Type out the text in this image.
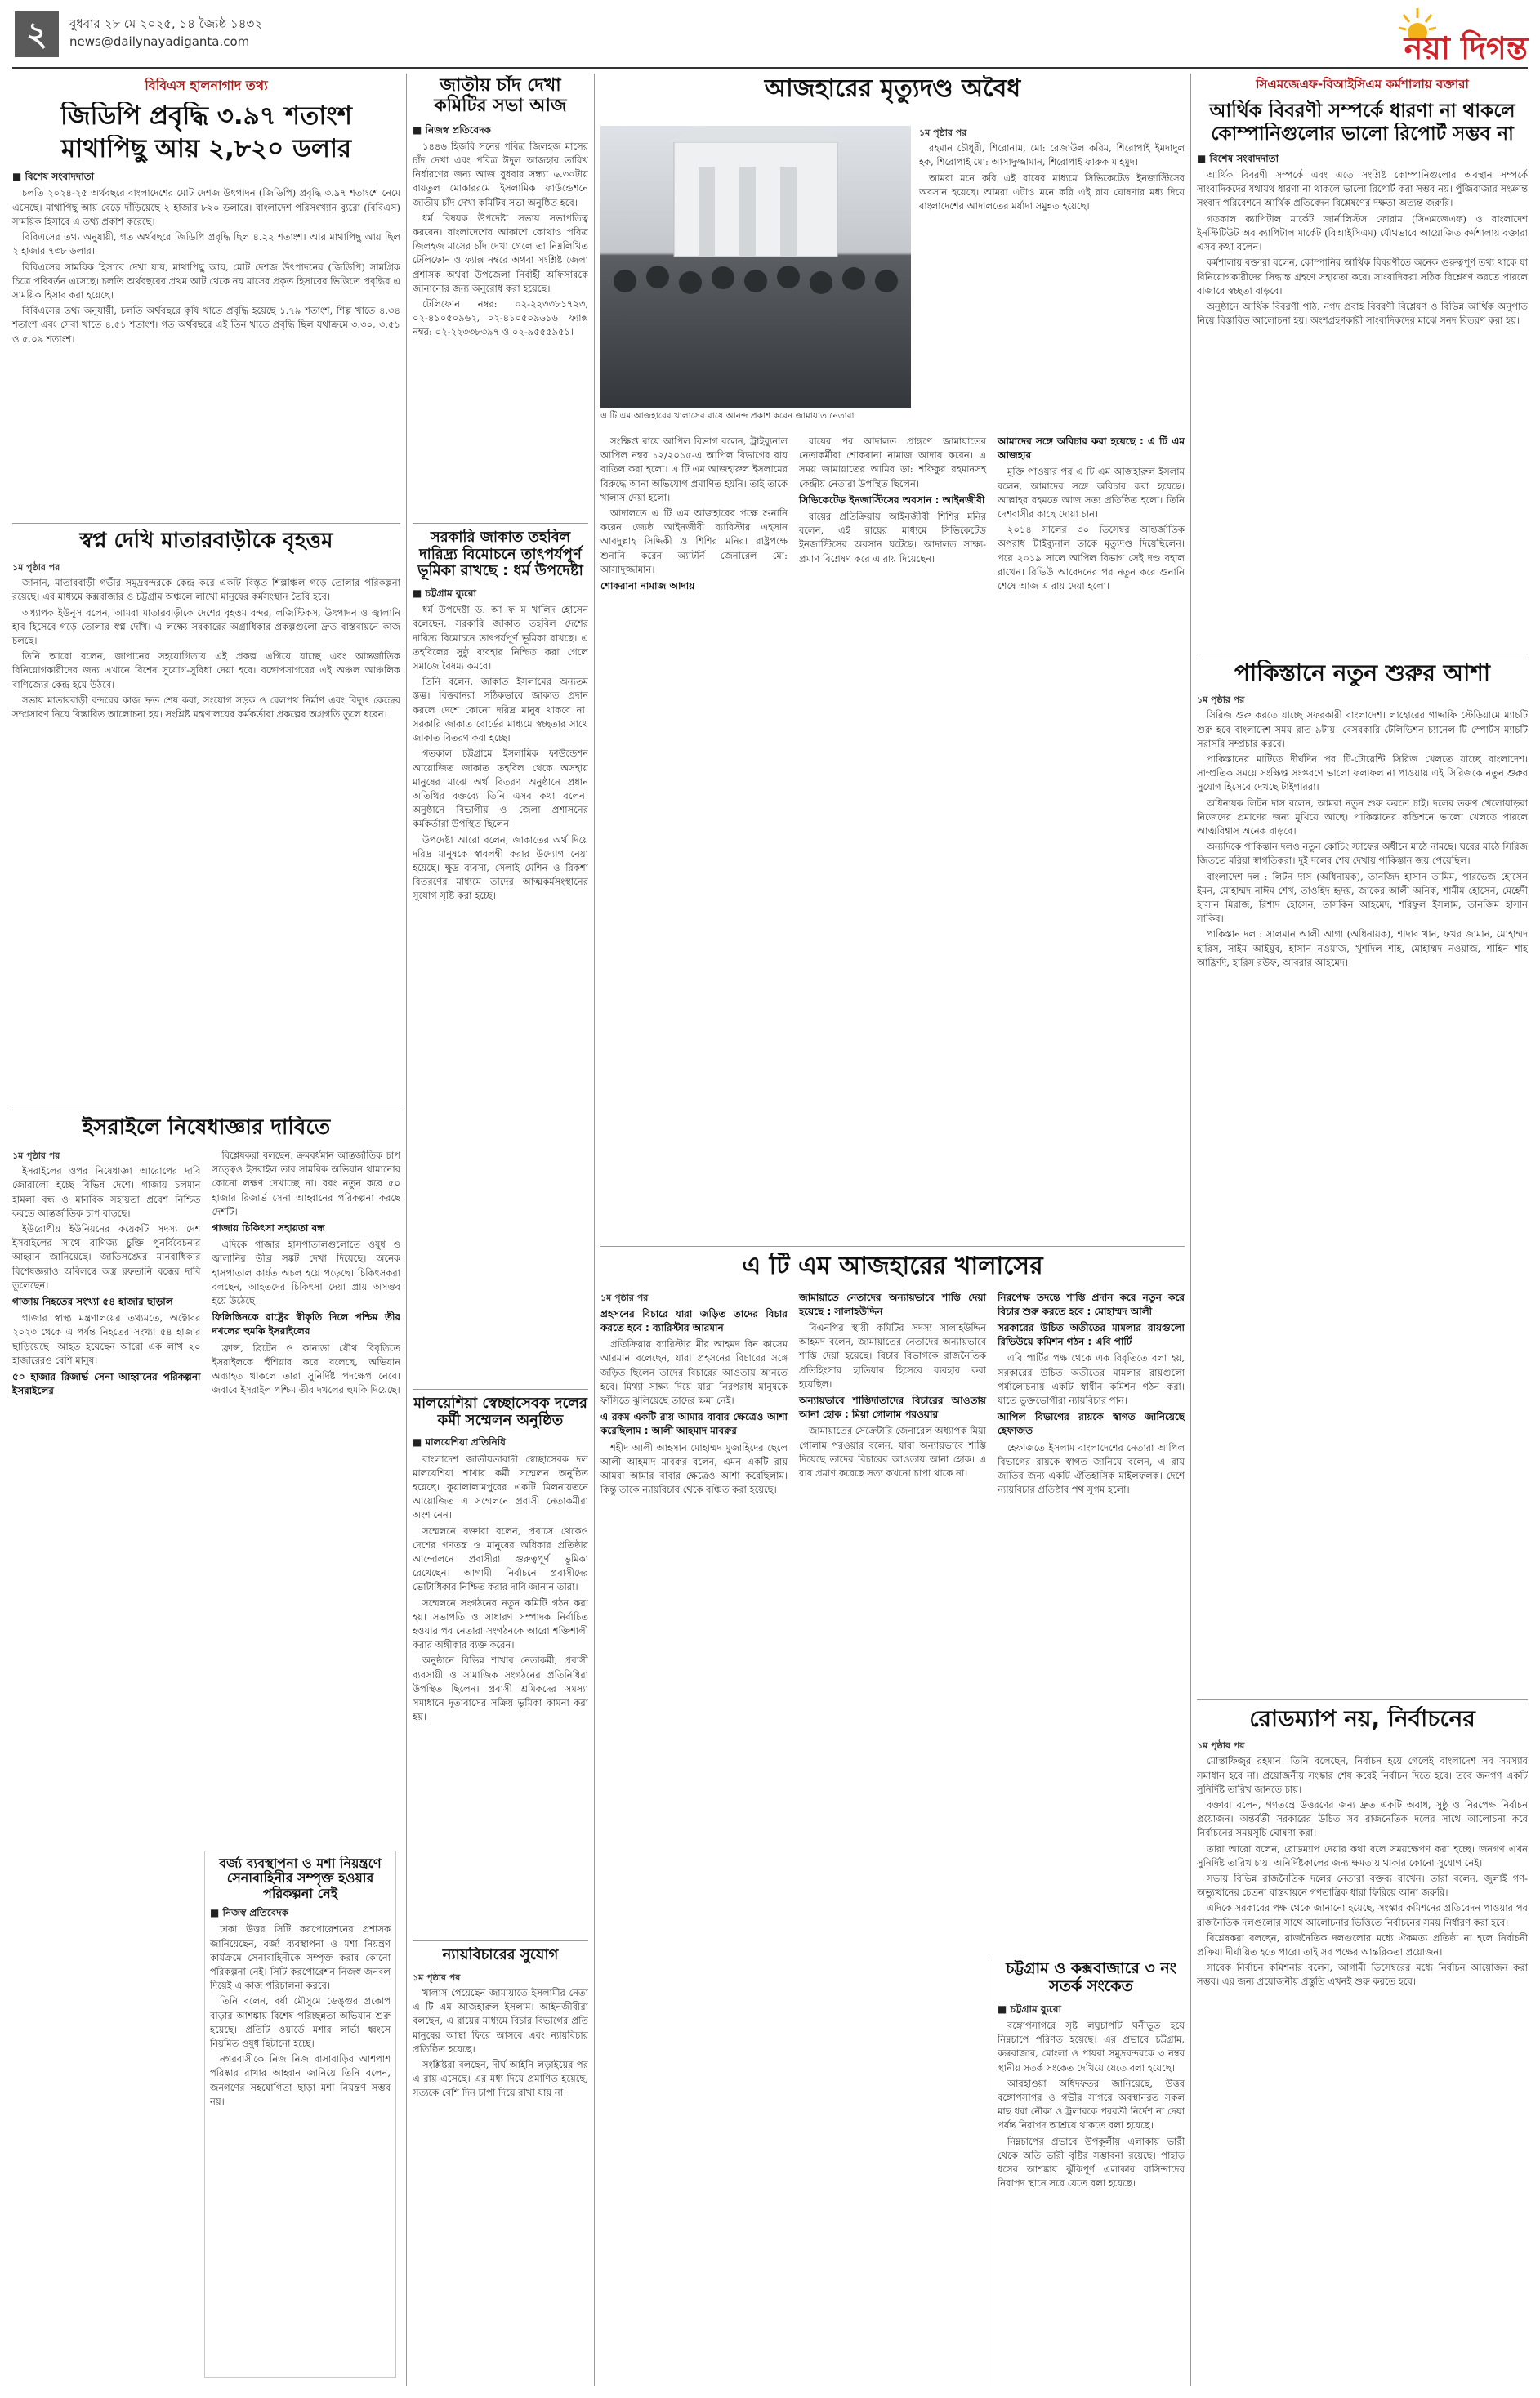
২	বুধবার ২৮ মে ২০২৫, ১৪ জ্যৈষ্ঠ ১৪৩২
news@dailynayadiganta.com	নয়া দিগন্ত
বিবিএস হালনাগাদ তথ্য
জিডিপি প্রবৃদ্ধি ৩.৯৭ শতাংশ
মাথাপিছু আয় ২,৮২০ ডলার
■ বিশেষ সংবাদদাতা

চলতি ২০২৪-২৫ অর্থবছরে বাংলাদেশের মোট দেশজ উৎপাদন (জিডিপি) প্রবৃদ্ধি ৩.৯৭ শতাংশে নেমে এসেছে। মাথাপিছু আয় বেড়ে দাঁড়িয়েছে ২ হাজার ৮২০ ডলারে। বাংলাদেশ পরিসংখ্যান ব্যুরো (বিবিএস) সাময়িক হিসাবে এ তথ্য প্রকাশ করেছে।

বিবিএসের তথ্য অনুযায়ী, গত অর্থবছরে জিডিপি প্রবৃদ্ধি ছিল ৪.২২ শতাংশ। আর মাথাপিছু আয় ছিল ২ হাজার ৭৩৮ ডলার।

বিবিএসের সাময়িক হিসাবে দেখা যায়, মাথাপিছু আয়, মোট দেশজ উৎপাদনের (জিডিপি) সামগ্রিক চিত্রে পরিবর্তন এসেছে। চলতি অর্থবছরের প্রথম আট থেকে নয় মাসের প্রকৃত হিসাবের ভিত্তিতে প্রবৃদ্ধির এ সাময়িক হিসাব করা হয়েছে।

বিবিএসের তথ্য অনুযায়ী, চলতি অর্থবছরে কৃষি খাতে প্রবৃদ্ধি হয়েছে ১.৭৯ শতাংশ, শিল্প খাতে ৪.৩৪ শতাংশ এবং সেবা খাতে ৪.৫১ শতাংশ। গত অর্থবছরে এই তিন খাতে প্রবৃদ্ধি ছিল যথাক্রমে ৩.৩০, ৩.৫১ ও ৫.০৯ শতাংশ।

স্বপ্ন দেখি মাতারবাড়ীকে বৃহত্তম
১ম পৃষ্ঠার পর

জানান, মাতারবাড়ী গভীর সমুদ্রবন্দরকে কেন্দ্র করে একটি বিস্তৃত শিল্পাঞ্চল গড়ে তোলার পরিকল্পনা রয়েছে। এর মাধ্যমে কক্সবাজার ও চট্টগ্রাম অঞ্চলে লাখো মানুষের কর্মসংস্থান তৈরি হবে।

অধ্যাপক ইউনূস বলেন, আমরা মাতারবাড়ীকে দেশের বৃহত্তম বন্দর, লজিস্টিকস, উৎপাদন ও জ্বালানি হাব হিসেবে গড়ে তোলার স্বপ্ন দেখি। এ লক্ষ্যে সরকারের অগ্রাধিকার প্রকল্পগুলো দ্রুত বাস্তবায়নে কাজ চলছে।

তিনি আরো বলেন, জাপানের সহযোগিতায় এই প্রকল্প এগিয়ে যাচ্ছে এবং আন্তর্জাতিক বিনিয়োগকারীদের জন্য এখানে বিশেষ সুযোগ-সুবিধা দেয়া হবে। বঙ্গোপসাগরের এই অঞ্চল আঞ্চলিক বাণিজ্যের কেন্দ্র হয়ে উঠবে।

সভায় মাতারবাড়ী বন্দরের কাজ দ্রুত শেষ করা, সংযোগ সড়ক ও রেলপথ নির্মাণ এবং বিদ্যুৎ কেন্দ্রের সম্প্রসারণ নিয়ে বিস্তারিত আলোচনা হয়। সংশ্লিষ্ট মন্ত্রণালয়ের কর্মকর্তারা প্রকল্পের অগ্রগতি তুলে ধরেন।

ইসরাইলে নিষেধাজ্ঞার দাবিতে
১ম পৃষ্ঠার পর

ইসরাইলের ওপর নিষেধাজ্ঞা আরোপের দাবি জোরালো হচ্ছে বিভিন্ন দেশে। গাজায় চলমান হামলা বন্ধ ও মানবিক সহায়তা প্রবেশ নিশ্চিত করতে আন্তর্জাতিক চাপ বাড়ছে।

ইউরোপীয় ইউনিয়নের কয়েকটি সদস্য দেশ ইসরাইলের সাথে বাণিজ্য চুক্তি পুনর্বিবেচনার আহ্বান জানিয়েছে। জাতিসঙ্ঘের মানবাধিকার বিশেষজ্ঞরাও অবিলম্বে অস্ত্র রফতানি বন্ধের দাবি তুলেছেন।

গাজায় নিহতের সংখ্যা ৫৪ হাজার ছাড়াল

গাজার স্বাস্থ্য মন্ত্রণালয়ের তথ্যমতে, অক্টোবর ২০২৩ থেকে এ পর্যন্ত নিহতের সংখ্যা ৫৪ হাজার ছাড়িয়েছে। আহত হয়েছেন আরো এক লাখ ২০ হাজারেরও বেশি মানুষ।

৫০ হাজার রিজার্ভ সেনা আহ্বানের পরিকল্পনা ইসরাইলের

বিশ্লেষকরা বলছেন, ক্রমবর্ধমান আন্তর্জাতিক চাপ সত্ত্বেও ইসরাইল তার সামরিক অভিযান থামানোর কোনো লক্ষণ দেখাচ্ছে না। বরং নতুন করে ৫০ হাজার রিজার্ভ সেনা আহ্বানের পরিকল্পনা করছে দেশটি।

গাজায় চিকিৎসা সহায়তা বন্ধ

এদিকে গাজার হাসপাতালগুলোতে ওষুধ ও জ্বালানির তীব্র সঙ্কট দেখা দিয়েছে। অনেক হাসপাতাল কার্যত অচল হয়ে পড়েছে। চিকিৎসকরা বলছেন, আহতদের চিকিৎসা দেয়া প্রায় অসম্ভব হয়ে উঠেছে।

ফিলিস্তিনকে রাষ্ট্রের স্বীকৃতি দিলে পশ্চিম তীর দখলের হুমকি ইসরাইলের

ফ্রান্স, ব্রিটেন ও কানাডা যৌথ বিবৃতিতে ইসরাইলকে হুঁশিয়ার করে বলেছে, অভিযান অব্যাহত থাকলে তারা সুনির্দিষ্ট পদক্ষেপ নেবে। জবাবে ইসরাইল পশ্চিম তীর দখলের হুমকি দিয়েছে।

জাতীয় চাঁদ দেখা কমিটির সভা আজ
■ নিজস্ব প্রতিবেদক

১৪৪৬ হিজরি সনের পবিত্র জিলহজ মাসের চাঁদ দেখা এবং পবিত্র ঈদুল আজহার তারিখ নির্ধারণের জন্য আজ বুধবার সন্ধ্যা ৬.৩০টায় বায়তুল মোকাররমে ইসলামিক ফাউন্ডেশনে জাতীয় চাঁদ দেখা কমিটির সভা অনুষ্ঠিত হবে।

ধর্ম বিষয়ক উপদেষ্টা সভায় সভাপতিত্ব করবেন। বাংলাদেশের আকাশে কোথাও পবিত্র জিলহজ মাসের চাঁদ দেখা গেলে তা নিম্নলিখিত টেলিফোন ও ফ্যাক্স নম্বরে অথবা সংশ্লিষ্ট জেলা প্রশাসক অথবা উপজেলা নির্বাহী অফিসারকে জানানোর জন্য অনুরোধ করা হয়েছে।

টেলিফোন নম্বর: ০২-২২৩৩৮১৭২৩, ০২-৪১০৫০৯৬২, ০২-৪১০৫০৯৬১৬। ফ্যাক্স নম্বর: ০২-২২৩৩৮৩৯৭ ও ০২-৯৫৫৫৯৫১।

সরকারি জাকাত তহবিল দারিদ্র্য বিমোচনে তাৎপর্যপূর্ণ ভূমিকা রাখছে : ধর্ম উপদেষ্টা
■ চট্টগ্রাম ব্যুরো

ধর্ম উপদেষ্টা ড. আ ফ ম খালিদ হোসেন বলেছেন, সরকারি জাকাত তহবিল দেশের দারিদ্র্য বিমোচনে তাৎপর্যপূর্ণ ভূমিকা রাখছে। এ তহবিলের সুষ্ঠু ব্যবহার নিশ্চিত করা গেলে সমাজে বৈষম্য কমবে।

তিনি বলেন, জাকাত ইসলামের অন্যতম স্তম্ভ। বিত্তবানরা সঠিকভাবে জাকাত প্রদান করলে দেশে কোনো দরিদ্র মানুষ থাকবে না। সরকারি জাকাত বোর্ডের মাধ্যমে স্বচ্ছতার সাথে জাকাত বিতরণ করা হচ্ছে।

গতকাল চট্টগ্রামে ইসলামিক ফাউন্ডেশন আয়োজিত জাকাত তহবিল থেকে অসহায় মানুষের মাঝে অর্থ বিতরণ অনুষ্ঠানে প্রধান অতিথির বক্তব্যে তিনি এসব কথা বলেন। অনুষ্ঠানে বিভাগীয় ও জেলা প্রশাসনের কর্মকর্তারা উপস্থিত ছিলেন।

উপদেষ্টা আরো বলেন, জাকাতের অর্থ দিয়ে দরিদ্র মানুষকে স্বাবলম্বী করার উদ্যোগ নেয়া হয়েছে। ক্ষুদ্র ব্যবসা, সেলাই মেশিন ও রিকশা বিতরণের মাধ্যমে তাদের আত্মকর্মসংস্থানের সুযোগ সৃষ্টি করা হচ্ছে।

বর্জ্য ব্যবস্থাপনা ও মশা নিয়ন্ত্রণে সেনাবাহিনীর সম্পৃক্ত হওয়ার পরিকল্পনা নেই
■ নিজস্ব প্রতিবেদক

ঢাকা উত্তর সিটি করপোরেশনের প্রশাসক জানিয়েছেন, বর্জ্য ব্যবস্থাপনা ও মশা নিয়ন্ত্রণ কার্যক্রমে সেনাবাহিনীকে সম্পৃক্ত করার কোনো পরিকল্পনা নেই। সিটি করপোরেশন নিজস্ব জনবল দিয়েই এ কাজ পরিচালনা করবে।

তিনি বলেন, বর্ষা মৌসুমে ডেঙ্গুর প্রকোপ বাড়ার আশঙ্কায় বিশেষ পরিচ্ছন্নতা অভিযান শুরু হয়েছে। প্রতিটি ওয়ার্ডে মশার লার্ভা ধ্বংসে নিয়মিত ওষুধ ছিটানো হচ্ছে।

নগরবাসীকে নিজ নিজ বাসাবাড়ির আশপাশ পরিষ্কার রাখার আহ্বান জানিয়ে তিনি বলেন, জনগণের সহযোগিতা ছাড়া মশা নিয়ন্ত্রণ সম্ভব নয়।

মালয়েশিয়া স্বেচ্ছাসেবক দলের কর্মী সম্মেলন অনুষ্ঠিত
■ মালয়েশিয়া প্রতিনিধি

বাংলাদেশ জাতীয়তাবাদী স্বেচ্ছাসেবক দল মালয়েশিয়া শাখার কর্মী সম্মেলন অনুষ্ঠিত হয়েছে। কুয়ালালামপুরের একটি মিলনায়তনে আয়োজিত এ সম্মেলনে প্রবাসী নেতাকর্মীরা অংশ নেন।

সম্মেলনে বক্তারা বলেন, প্রবাসে থেকেও দেশের গণতন্ত্র ও মানুষের অধিকার প্রতিষ্ঠার আন্দোলনে প্রবাসীরা গুরুত্বপূর্ণ ভূমিকা রেখেছেন। আগামী নির্বাচনে প্রবাসীদের ভোটাধিকার নিশ্চিত করার দাবি জানান তারা।

সম্মেলনে সংগঠনের নতুন কমিটি গঠন করা হয়। সভাপতি ও সাধারণ সম্পাদক নির্বাচিত হওয়ার পর নেতারা সংগঠনকে আরো শক্তিশালী করার অঙ্গীকার ব্যক্ত করেন।

অনুষ্ঠানে বিভিন্ন শাখার নেতাকর্মী, প্রবাসী ব্যবসায়ী ও সামাজিক সংগঠনের প্রতিনিধিরা উপস্থিত ছিলেন। প্রবাসী শ্রমিকদের সমস্যা সমাধানে দূতাবাসের সক্রিয় ভূমিকা কামনা করা হয়।

ন্যায়বিচারের সুযোগ
১ম পৃষ্ঠার পর

খালাস পেয়েছেন জামায়াতে ইসলামীর নেতা এ টি এম আজহারুল ইসলাম। আইনজীবীরা বলছেন, এ রায়ের মাধ্যমে বিচার বিভাগের প্রতি মানুষের আস্থা ফিরে আসবে এবং ন্যায়বিচার প্রতিষ্ঠিত হয়েছে।

সংশ্লিষ্টরা বলছেন, দীর্ঘ আইনি লড়াইয়ের পর এ রায় এসেছে। এর মধ্য দিয়ে প্রমাণিত হয়েছে, সত্যকে বেশি দিন চাপা দিয়ে রাখা যায় না।

আজহারের মৃত্যুদণ্ড অবৈধ
এ টি এম আজহারের খালাসের রায়ে আনন্দ প্রকাশ করেন জামায়াত নেতারা
১ম পৃষ্ঠার পর

রহমান চৌধুরী, শিরোনাম, মো: রেজাউল করিম, শিরোপাই ইমদাদুল হক, শিরোপাই মো: আসাদুজ্জামান, শিরোপাই ফারুক মাহমুদ।

আমরা মনে করি এই রায়ের মাধ্যমে সিভিকেটেড ইনজাস্টিসের অবসান হয়েছে। আমরা এটাও মনে করি এই রায় ঘোষণার মধ্য দিয়ে বাংলাদেশের আদালতের মর্যাদা সমুন্নত হয়েছে।

সংক্ষিপ্ত রায়ে আপিল বিভাগ বলেন, ট্রাইব্যুনাল আপিল নম্বর ১২/২০১৫-এ আপিল বিভাগের রায় বাতিল করা হলো। এ টি এম আজহারুল ইসলামের বিরুদ্ধে আনা অভিযোগ প্রমাণিত হয়নি। তাই তাকে খালাস দেয়া হলো।

আদালতে এ টি এম আজহারের পক্ষে শুনানি করেন জ্যেষ্ঠ আইনজীবী ব্যারিস্টার এহসান আবদুল্লাহ সিদ্দিকী ও শিশির মনির। রাষ্ট্রপক্ষে শুনানি করেন অ্যাটর্নি জেনারেল মো: আসাদুজ্জামান।

শোকরানা নামাজ আদায়

রায়ের পর আদালত প্রাঙ্গণে জামায়াতের নেতাকর্মীরা শোকরানা নামাজ আদায় করেন। এ সময় জামায়াতের আমির ডা: শফিকুর রহমানসহ কেন্দ্রীয় নেতারা উপস্থিত ছিলেন।

সিভিকেটেড ইনজাস্টিসের অবসান : আইনজীবী

রায়ের প্রতিক্রিয়ায় আইনজীবী শিশির মনির বলেন, এই রায়ের মাধ্যমে সিভিকেটেড ইনজাস্টিসের অবসান ঘটেছে। আদালত সাক্ষ্য-প্রমাণ বিশ্লেষণ করে এ রায় দিয়েছেন।

আমাদের সঙ্গে অবিচার করা হয়েছে : এ টি এম আজহার

মুক্তি পাওয়ার পর এ টি এম আজহারুল ইসলাম বলেন, আমাদের সঙ্গে অবিচার করা হয়েছে। আল্লাহর রহমতে আজ সত্য প্রতিষ্ঠিত হলো। তিনি দেশবাসীর কাছে দোয়া চান।

২০১৪ সালের ৩০ ডিসেম্বর আন্তর্জাতিক অপরাধ ট্রাইব্যুনাল তাকে মৃত্যুদণ্ড দিয়েছিলেন। পরে ২০১৯ সালে আপিল বিভাগ সেই দণ্ড বহাল রাখেন। রিভিউ আবেদনের পর নতুন করে শুনানি শেষে আজ এ রায় দেয়া হলো।

এ টি এম আজহারের খালাসের
১ম পৃষ্ঠার পর
প্রহসনের বিচারে যারা জড়িত তাদের বিচার করতে হবে : ব্যারিস্টার আরমান

প্রতিক্রিয়ায় ব্যারিস্টার মীর আহমদ বিন কাসেম আরমান বলেছেন, যারা প্রহসনের বিচারের সঙ্গে জড়িত ছিলেন তাদের বিচারের আওতায় আনতে হবে। মিথ্যা সাক্ষ্য দিয়ে যারা নিরপরাধ মানুষকে ফাঁসিতে ঝুলিয়েছে তাদের ক্ষমা নেই।

এ রকম একটি রায় আমার বাবার ক্ষেত্রেও আশা করেছিলাম : আলী আহমাদ মাবরুর

শহীদ আলী আহসান মোহাম্মদ মুজাহিদের ছেলে আলী আহমাদ মাবরুর বলেন, এমন একটি রায় আমরা আমার বাবার ক্ষেত্রেও আশা করেছিলাম। কিন্তু তাকে ন্যায়বিচার থেকে বঞ্চিত করা হয়েছে।

জামায়াতে নেতাদের অন্যায়ভাবে শাস্তি দেয়া হয়েছে : সালাহউদ্দিন

বিএনপির স্থায়ী কমিটির সদস্য সালাহউদ্দিন আহমদ বলেন, জামায়াতের নেতাদের অন্যায়ভাবে শাস্তি দেয়া হয়েছে। বিচার বিভাগকে রাজনৈতিক প্রতিহিংসার হাতিয়ার হিসেবে ব্যবহার করা হয়েছিল।

অন্যায়ভাবে শাস্তিদাতাদের বিচারের আওতায় আনা হোক : মিয়া গোলাম পরওয়ার

জামায়াতের সেক্রেটারি জেনারেল অধ্যাপক মিয়া গোলাম পরওয়ার বলেন, যারা অন্যায়ভাবে শাস্তি দিয়েছে তাদের বিচারের আওতায় আনা হোক। এ রায় প্রমাণ করেছে সত্য কখনো চাপা থাকে না।

নিরপেক্ষ তদন্তে শাস্তি প্রদান করে নতুন করে বিচার শুরু করতে হবে : মোহাম্মদ আলী
সরকারের উচিত অতীতের মামলার রায়গুলো রিভিউয়ে কমিশন গঠন : এবি পার্টি

এবি পার্টির পক্ষ থেকে এক বিবৃতিতে বলা হয়, সরকারের উচিত অতীতের মামলার রায়গুলো পর্যালোচনায় একটি স্বাধীন কমিশন গঠন করা। যাতে ভুক্তভোগীরা ন্যায়বিচার পান।

আপিল বিভাগের রায়কে স্বাগত জানিয়েছে হেফাজত

হেফাজতে ইসলাম বাংলাদেশের নেতারা আপিল বিভাগের রায়কে স্বাগত জানিয়ে বলেন, এ রায় জাতির জন্য একটি ঐতিহাসিক মাইলফলক। দেশে ন্যায়বিচার প্রতিষ্ঠার পথ সুগম হলো।

চট্টগ্রাম ও কক্সবাজারে ৩ নং সতর্ক সংকেত
■ চট্টগ্রাম ব্যুরো

বঙ্গোপসাগরে সৃষ্ট লঘুচাপটি ঘনীভূত হয়ে নিম্নচাপে পরিণত হয়েছে। এর প্রভাবে চট্টগ্রাম, কক্সবাজার, মোংলা ও পায়রা সমুদ্রবন্দরকে ৩ নম্বর স্থানীয় সতর্ক সংকেত দেখিয়ে যেতে বলা হয়েছে।

আবহাওয়া অধিদফতর জানিয়েছে, উত্তর বঙ্গোপসাগর ও গভীর সাগরে অবস্থানরত সকল মাছ ধরা নৌকা ও ট্রলারকে পরবর্তী নির্দেশ না দেয়া পর্যন্ত নিরাপদ আশ্রয়ে থাকতে বলা হয়েছে।

নিম্নচাপের প্রভাবে উপকূলীয় এলাকায় ভারী থেকে অতি ভারী বৃষ্টির সম্ভাবনা রয়েছে। পাহাড় ধসের আশঙ্কায় ঝুঁকিপূর্ণ এলাকার বাসিন্দাদের নিরাপদ স্থানে সরে যেতে বলা হয়েছে।

সিএমজেএফ-বিআইসিএম কর্মশালায় বক্তারা
আর্থিক বিবরণী সম্পর্কে ধারণা না থাকলে
কোম্পানিগুলোর ভালো রিপোর্ট সম্ভব না
■ বিশেষ সংবাদদাতা

আর্থিক বিবরণী সম্পর্কে এবং এতে সংশ্লিষ্ট কোম্পানিগুলোর অবস্থান সম্পর্কে সাংবাদিকদের যথাযথ ধারণা না থাকলে ভালো রিপোর্ট করা সম্ভব নয়। পুঁজিবাজার সংক্রান্ত সংবাদ পরিবেশনে আর্থিক প্রতিবেদন বিশ্লেষণের দক্ষতা অত্যন্ত জরুরি।

গতকাল ক্যাপিটাল মার্কেট জার্নালিস্টস ফোরাম (সিএমজেএফ) ও বাংলাদেশ ইনস্টিটিউট অব ক্যাপিটাল মার্কেট (বিআইসিএম) যৌথভাবে আয়োজিত কর্মশালায় বক্তারা এসব কথা বলেন।

কর্মশালায় বক্তারা বলেন, কোম্পানির আর্থিক বিবরণীতে অনেক গুরুত্বপূর্ণ তথ্য থাকে যা বিনিয়োগকারীদের সিদ্ধান্ত গ্রহণে সহায়তা করে। সাংবাদিকরা সঠিক বিশ্লেষণ করতে পারলে বাজারে স্বচ্ছতা বাড়বে।

অনুষ্ঠানে আর্থিক বিবরণী পাঠ, নগদ প্রবাহ বিবরণী বিশ্লেষণ ও বিভিন্ন আর্থিক অনুপাত নিয়ে বিস্তারিত আলোচনা হয়। অংশগ্রহণকারী সাংবাদিকদের মাঝে সনদ বিতরণ করা হয়।

পাকিস্তানে নতুন শুরুর আশা
১ম পৃষ্ঠার পর

সিরিজ শুরু করতে যাচ্ছে সফরকারী বাংলাদেশ। লাহোরের গাদ্দাফি স্টেডিয়ামে ম্যাচটি শুরু হবে বাংলাদেশ সময় রাত ৯টায়। বেসরকারি টেলিভিশন চ্যানেল টি স্পোর্টস ম্যাচটি সরাসরি সম্প্রচার করবে।

পাকিস্তানের মাটিতে দীর্ঘদিন পর টি-টোয়েন্টি সিরিজ খেলতে যাচ্ছে বাংলাদেশ। সাম্প্রতিক সময়ে সংক্ষিপ্ত সংস্করণে ভালো ফলাফল না পাওয়ায় এই সিরিজকে নতুন শুরুর সুযোগ হিসেবে দেখছে টাইগাররা।

অধিনায়ক লিটন দাস বলেন, আমরা নতুন শুরু করতে চাই। দলের তরুণ খেলোয়াড়রা নিজেদের প্রমাণের জন্য মুখিয়ে আছে। পাকিস্তানের কন্ডিশনে ভালো খেলতে পারলে আত্মবিশ্বাস অনেক বাড়বে।

অন্যদিকে পাকিস্তান দলও নতুন কোচিং স্টাফের অধীনে মাঠে নামছে। ঘরের মাঠে সিরিজ জিততে মরিয়া স্বাগতিকরা। দুই দলের শেষ দেখায় পাকিস্তান জয় পেয়েছিল।

বাংলাদেশ দল : লিটন দাস (অধিনায়ক), তানজিদ হাসান তামিম, পারভেজ হোসেন ইমন, মোহাম্মদ নাঈম শেখ, তাওহিদ হৃদয়, জাকের আলী অনিক, শামীম হোসেন, মেহেদী হাসান মিরাজ, রিশাদ হোসেন, তাসকিন আহমেদ, শরিফুল ইসলাম, তানজিম হাসান সাকিব।

পাকিস্তান দল : সালমান আলী আগা (অধিনায়ক), শাদাব খান, ফখর জামান, মোহাম্মদ হারিস, সাইম আইয়ুব, হাসান নওয়াজ, খুশদিল শাহ, মোহাম্মদ নওয়াজ, শাহিন শাহ আফ্রিদি, হারিস রউফ, আবরার আহমেদ।

রোডম্যাপ নয়, নির্বাচনের
১ম পৃষ্ঠার পর

মোস্তাফিজুর রহমান। তিনি বলেছেন, নির্বাচন হয়ে গেলেই বাংলাদেশ সব সমস্যার সমাধান হবে না। প্রয়োজনীয় সংস্কার শেষ করেই নির্বাচন দিতে হবে। তবে জনগণ একটি সুনির্দিষ্ট তারিখ জানতে চায়।

বক্তারা বলেন, গণতন্ত্রে উত্তরণের জন্য দ্রুত একটি অবাধ, সুষ্ঠু ও নিরপেক্ষ নির্বাচন প্রয়োজন। অন্তর্বর্তী সরকারের উচিত সব রাজনৈতিক দলের সাথে আলোচনা করে নির্বাচনের সময়সূচি ঘোষণা করা।

তারা আরো বলেন, রোডম্যাপ দেয়ার কথা বলে সময়ক্ষেপণ করা হচ্ছে। জনগণ এখন সুনির্দিষ্ট তারিখ চায়। অনির্দিষ্টকালের জন্য ক্ষমতায় থাকার কোনো সুযোগ নেই।

সভায় বিভিন্ন রাজনৈতিক দলের নেতারা বক্তব্য রাখেন। তারা বলেন, জুলাই গণ-অভ্যুত্থানের চেতনা বাস্তবায়নে গণতান্ত্রিক ধারা ফিরিয়ে আনা জরুরি।

এদিকে সরকারের পক্ষ থেকে জানানো হয়েছে, সংস্কার কমিশনের প্রতিবেদন পাওয়ার পর রাজনৈতিক দলগুলোর সাথে আলোচনার ভিত্তিতে নির্বাচনের সময় নির্ধারণ করা হবে।

বিশ্লেষকরা বলছেন, রাজনৈতিক দলগুলোর মধ্যে ঐকমত্য প্রতিষ্ঠা না হলে নির্বাচনী প্রক্রিয়া দীর্ঘায়িত হতে পারে। তাই সব পক্ষের আন্তরিকতা প্রয়োজন।

সাবেক নির্বাচন কমিশনার বলেন, আগামী ডিসেম্বরের মধ্যে নির্বাচন আয়োজন করা সম্ভব। এর জন্য প্রয়োজনীয় প্রস্তুতি এখনই শুরু করতে হবে।
